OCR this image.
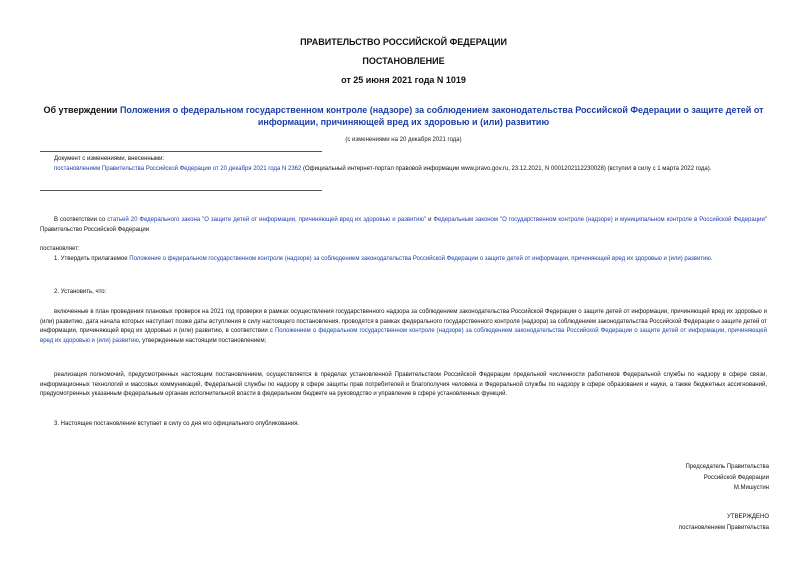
ПРАВИТЕЛЬСТВО РОССИЙСКОЙ ФЕДЕРАЦИИ
ПОСТАНОВЛЕНИЕ
от 25 июня 2021 года N 1019
Об утверждении Положения о федеральном государственном контроле (надзоре) за соблюдением законодательства Российской Федерации о защите детей от информации, причиняющей вред их здоровью и (или) развитию
(с изменениями на 20 декабря 2021 года)
Документ с изменениями, внесенными:
постановлением Правительства Российской Федерации от 20 декабря 2021 года N 2362 (Официальный интернет-портал правовой информации www.pravo.gov.ru, 23.12.2021, N 0001202112230028) (вступил в силу с 1 марта 2022 года).
В соответствии со статьей 20 Федерального закона "О защите детей от информации, причиняющей вред их здоровью и развитию" и Федеральным законом "О государственном контроле (надзоре) и муниципальном контроле в Российской Федерации" Правительство Российской Федерации
постановляет:
1. Утвердить прилагаемое Положение о федеральном государственном контроле (надзоре) за соблюдением законодательства Российской Федерации о защите детей от информации, причиняющей вред их здоровью и (или) развитию.
2. Установить, что:
включенные в план проведения плановых проверок на 2021 год проверки в рамках осуществления государственного надзора за соблюдением законодательства Российской Федерации о защите детей от информации, причиняющей вред их здоровью и (или) развитию, дата начала которых наступает позже даты вступления в силу настоящего постановления, проводятся в рамках федерального государственного контроля (надзора) за соблюдением законодательства Российской Федерации о защите детей от информации, причиняющей вред их здоровью и (или) развитию, в соответствии с Положением о федеральном государственном контроле (надзоре) за соблюдением законодательства Российской Федерации о защите детей от информации, причиняющей вред их здоровью и (или) развитию, утвержденным настоящим постановлением;
реализация полномочий, предусмотренных настоящим постановлением, осуществляется в пределах установленной Правительством Российской Федерации предельной численности работников Федеральной службы по надзору в сфере связи, информационных технологий и массовых коммуникаций, Федеральной службы по надзору в сфере защиты прав потребителей и благополучия человека и Федеральной службы по надзору в сфере образования и науки, а также бюджетных ассигнований, предусмотренных указанным федеральным органам исполнительной власти в федеральном бюджете на руководство и управление в сфере установленных функций.
3. Настоящее постановление вступает в силу со дня его официального опубликования.
Председатель Правительства
Российской Федерации
М.Мишустин
УТВЕРЖДЕНО
постановлением Правительства
